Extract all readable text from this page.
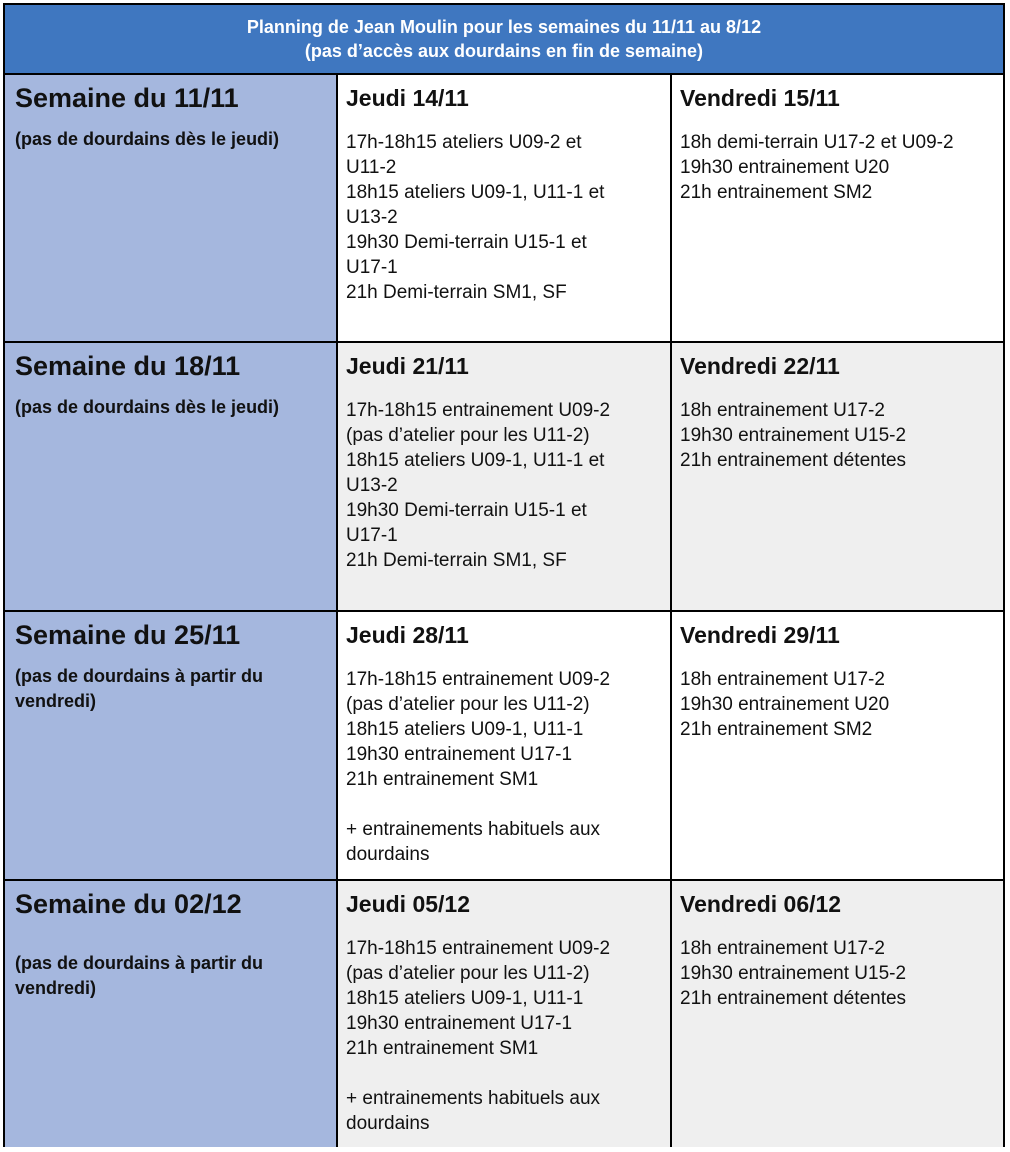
Planning de Jean Moulin pour les semaines du 11/11 au 8/12
(pas d’accès aux dourdains en fin de semaine)

Semaine du 11/11

(pas de dourdains dès le jeudi)

Jeudi 14/11

17h-18h15 ateliers U09-2 et
U11-2
18h15 ateliers U09-1, U11-1 et
U13-2
19h30 Demi-terrain U15-1 et
U17-1
21h Demi-terrain SM1, SF

Vendredi 15/11

18h demi-terrain U17-2 et U09-2
19h30 entrainement U20
21h entrainement SM2

Semaine du 18/11

(pas de dourdains dès le jeudi)

Jeudi 21/11

17h-18h15 entrainement U09-2
(pas d’atelier pour les U11-2)
18h15 ateliers U09-1, U11-1 et
U13-2
19h30 Demi-terrain U15-1 et
U17-1
21h Demi-terrain SM1, SF

Vendredi 22/11

18h entrainement U17-2
19h30 entrainement U15-2
21h entrainement détentes

Semaine du 25/11

(pas de dourdains à partir du

vendredi)

Jeudi 28/11

17h-18h15 entrainement U09-2
(pas d’atelier pour les U11-2)
18h15 ateliers U09-1, U11-1
19h30 entrainement U17-1
21h entrainement SM1
+ entrainements habituels aux
dourdains

Vendredi 29/11

18h entrainement U17-2
19h30 entrainement U20
21h entrainement SM2

Semaine du 02/12

(pas de dourdains à partir du

vendredi)

Jeudi 05/12

17h-18h15 entrainement U09-2
(pas d’atelier pour les U11-2)
18h15 ateliers U09-1, U11-1
19h30 entrainement U17-1
21h entrainement SM1
+ entrainements habituels aux
dourdains

Vendredi 06/12

18h entrainement U17-2
19h30 entrainement U15-2
21h entrainement détentes
